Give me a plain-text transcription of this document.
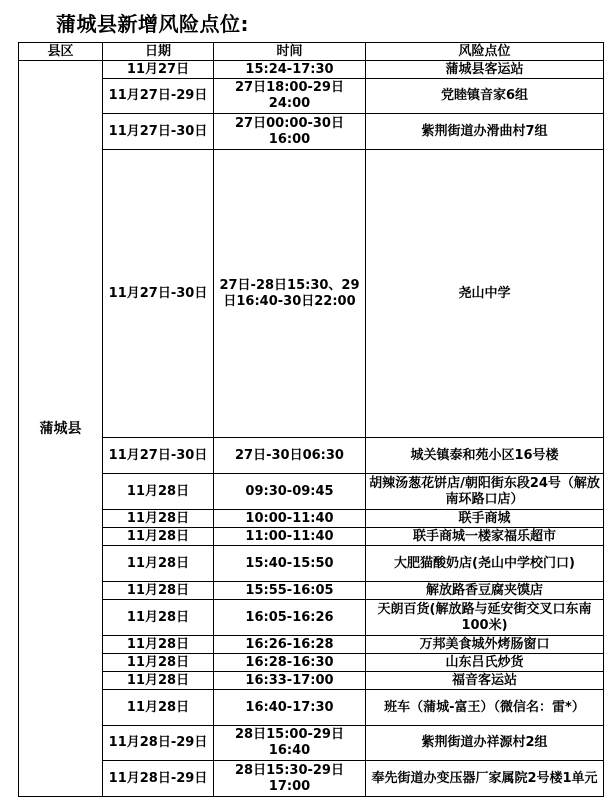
蒲城县新增风险点位:
县区	日期	时间	风险点位
蒲城县	11月27日	15:24-17:30	蒲城县客运站
	11月27日-29日	27日18:00-29日24:00	党睦镇音家6组
	11月27日-30日	27日00:00-30日16:00	紫荆街道办滑曲村7组
	11月27日-30日	27日-28日15:30、29日16:40-30日22:00	尧山中学
	11月27日-30日	27日-30日06:30	城关镇泰和苑小区16号楼
	11月28日	09:30-09:45	胡辣汤葱花饼店/朝阳街东段24号（解放南环路口店）
	11月28日	10:00-11:40	联手商城
	11月28日	11:00-11:40	联手商城一楼家福乐超市
	11月28日	15:40-15:50	大肥猫酸奶店(尧山中学校门口)
	11月28日	15:55-16:05	解放路香豆腐夹馍店
	11月28日	16:05-16:26	天朗百货(解放路与延安街交叉口东南100米)
	11月28日	16:26-16:28	万邦美食城外烤肠窗口
	11月28日	16:28-16:30	山东吕氏炒货
	11月28日	16:33-17:00	福音客运站
	11月28日	16:40-17:30	班车（蒲城-富王）（微信名：雷*）
	11月28日-29日	28日15:00-29日16:40	紫荆街道办祥源村2组
	11月28日-29日	28日15:30-29日17:00	奉先街道办变压器厂家属院2号楼1单元
